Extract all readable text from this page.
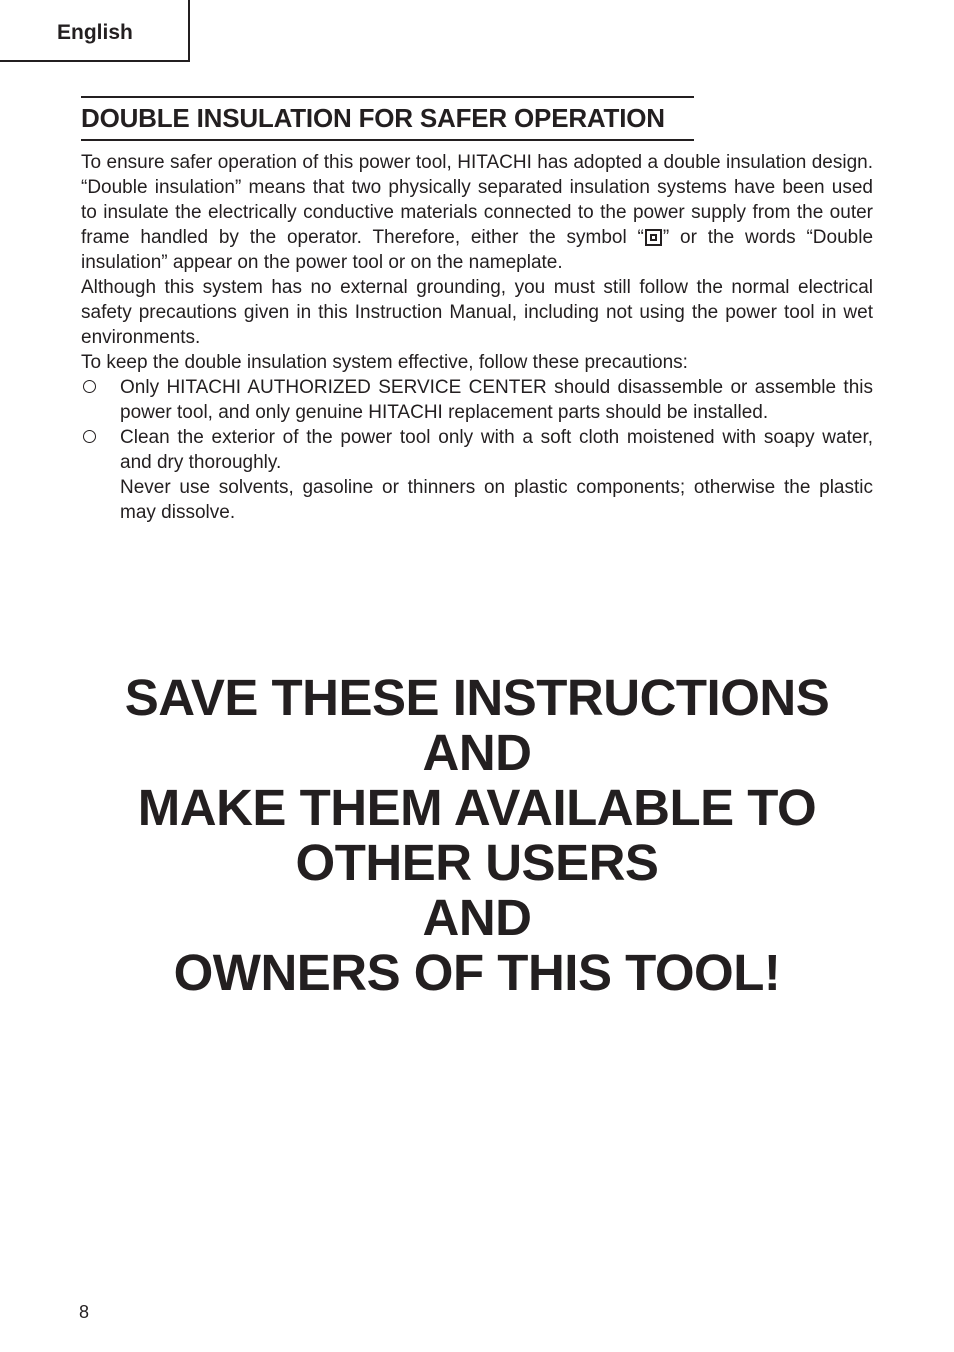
English
DOUBLE INSULATION FOR SAFER OPERATION

To ensure safer operation of this power tool, HITACHI has adopted a double insulation design. “Double insulation” means that two physically separated insulation systems have been used to insulate the electrically conductive materials connected to the power supply from the outer frame handled by the operator. Therefore, either the symbol “ ” or the words “Double insulation” appear on the power tool or on the nameplate.

Although this system has no external grounding, you must still follow the normal electrical safety precautions given in this Instruction Manual, including not using the power tool in wet environments.

To keep the double insulation system effective, follow these precautions:

Only HITACHI AUTHORIZED SERVICE CENTER should disassemble or assemble this power tool, and only genuine HITACHI replacement parts should be installed.
Clean the exterior of the power tool only with a soft cloth moistened with soapy water, and dry thoroughly.
Never use solvents, gasoline or thinners on plastic components; otherwise the plastic may dissolve.
SAVE THESE INSTRUCTIONS
AND
MAKE THEM AVAILABLE TO
OTHER USERS
AND
OWNERS OF THIS TOOL!
8
